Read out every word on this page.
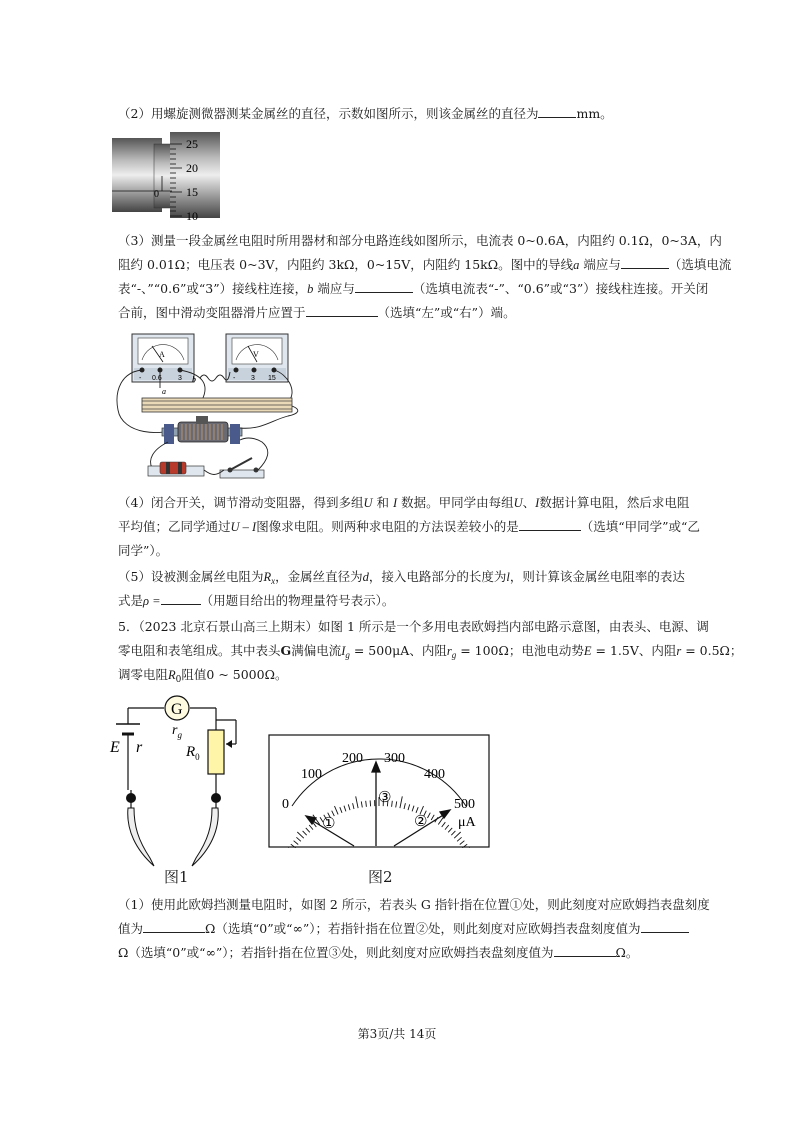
（2）用螺旋测微器测某金属丝的直径，示数如图所示，则该金属丝的直径为	mm。
0
25
20
15
10
（3）测量一段金属丝电阻时所用器材和部分电路连线如图所示，电流表 0~0.6A，内阻约 0.1Ω，0~3A，内
阻约 0.01Ω；电压表 0~3V，内阻约 3kΩ，0~15V，内阻约 15kΩ。图中的导线a 端应与	（选填电流
表“-、”“0.6”或“3”）接线柱连接，b 端应与	（选填电流表“-”、“0.6”或“3”）接线柱连接。开关闭
合前，图中滑动变阻器滑片应置于	（选填“左”或“右”）端。
A
- 0.6 3
V
- 3 15
a
b
（4）闭合开关，调节滑动变阻器，得到多组U 和 I 数据。甲同学由每组U、I数据计算电阻，然后求电阻
平均值；乙同学通过U – I图像求电阻。则两种求电阻的方法误差较小的是	（选填“甲同学”或“乙
同学”）。
（5）设被测金属丝电阻为$R_x$，金属丝直径为d，接入电路部分的长度为l，则计算该金属丝电阻率的表达
式是ρ =	（用题目给出的物理量符号表示）。
5．（2023 北京石景山高三上期末）如图 1 所示是一个多用电表欧姆挡内部电路示意图，由表头、电源、调
零电阻和表笔组成。其中表头G满偏电流$I_g = 500\mu A$、内阻$r_g = 100\Omega$；电池电动势E = 1.5V、内阻r = 0.5Ω；
调零电阻$R_0$阻值0 ~ 5000Ω。
G
$r_g$
$R_0$
E r
图1
0
100
200 300
400
500
μA
①	②
③
图2
（1）使用此欧姆挡测量电阻时，如图 2 所示，若表头 G 指针指在位置①处，则此刻度对应欧姆挡表盘刻度
值为	Ω（选填“0”或“∞”）；若指针指在位置②处，则此刻度对应欧姆挡表盘刻度值为
Ω（选填“0”或“∞”）；若指针指在位置③处，则此刻度对应欧姆挡表盘刻度值为	Ω。
第3页/共 14页
